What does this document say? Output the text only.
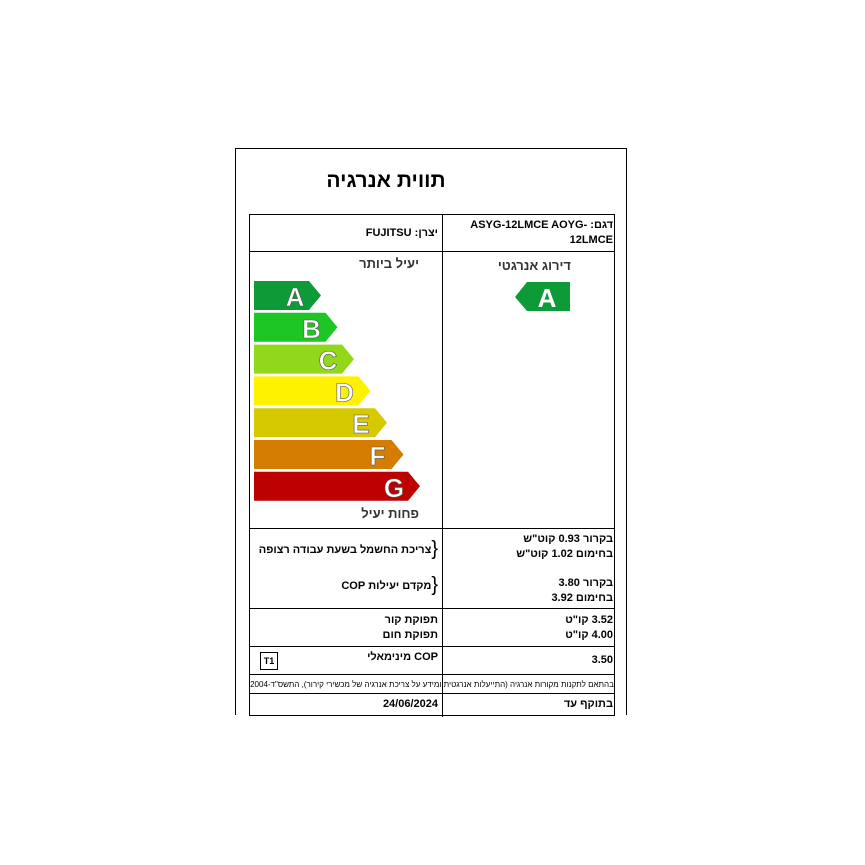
תווית אנרגיה
דגם: ASYG-12LMCE AOYG-12LMCE
יצרן: FUJITSU
דירוג אנרגטי
יעיל ביותר
פחות יעיל
A
B
C
D
E
F
G
A
בקרור 0.93 קוט"ש
בחימום 1.02 קוט"ש
{צריכת החשמל בשעת עבודה רצופה
בקרור 3.80
בחימום 3.92
{מקדם יעילות COP
3.52 קו"ט
4.00 קו"ט
תפוקת קור
תפוקת חום
3.50
T1	COP מינימאלי
בהתאם לתקנות מקורות אנרגיה (התייעלות אנרגטית ומידע על צריכת אנרגיה של מכשירי קירור), התשס"ד-2004
בתוקף עד
24/06/2024
